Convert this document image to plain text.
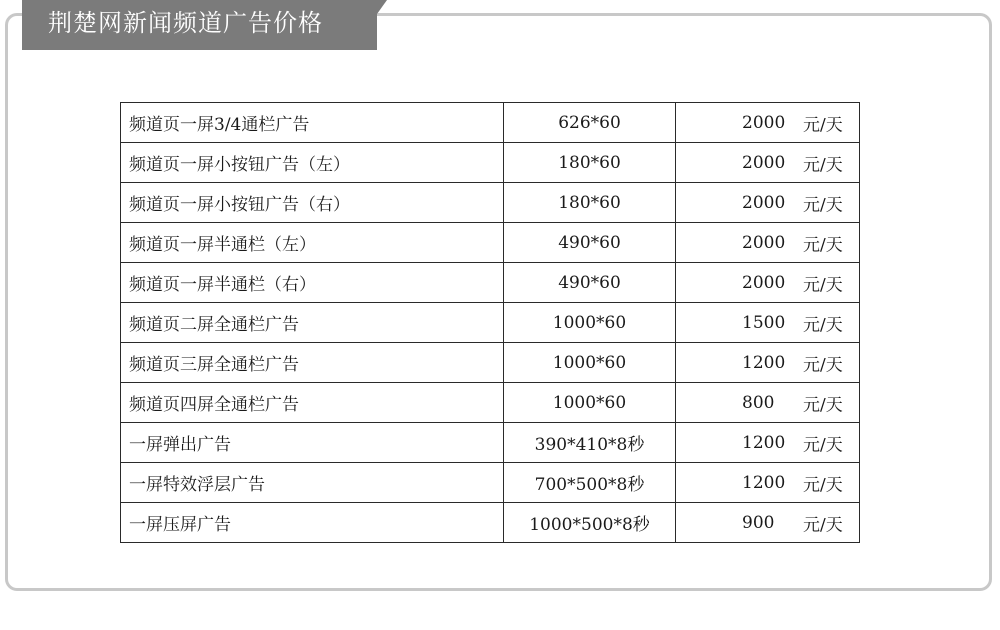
荆楚网新闻频道广告价格
频道页一屏3/4通栏广告	626*60	2000 元/天

频道页一屏小按钮广告（左）	180*60	2000 元/天

频道页一屏小按钮广告（右）	180*60	2000 元/天

频道页一屏半通栏（左）	490*60	2000 元/天

频道页一屏半通栏（右）	490*60	2000 元/天

频道页二屏全通栏广告	1000*60	1500 元/天

频道页三屏全通栏广告	1000*60	1200 元/天

频道页四屏全通栏广告	1000*60	800 元/天

一屏弹出广告	390*410*8秒	1200 元/天

一屏特效浮层广告	700*500*8秒	1200 元/天

一屏压屏广告	1000*500*8秒	900 元/天
